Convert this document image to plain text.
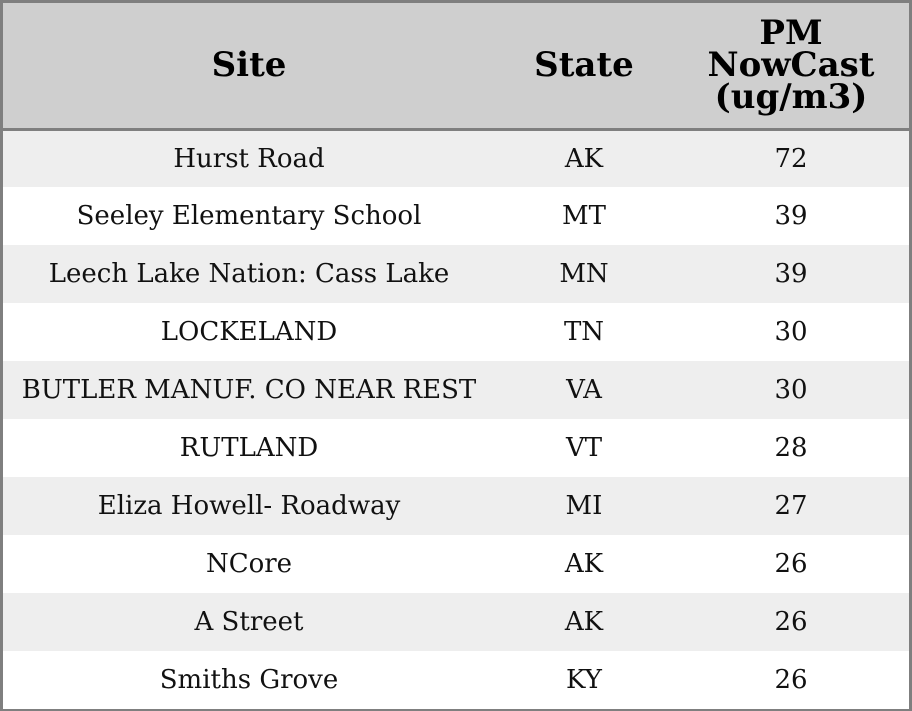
Site	State	PM
NowCast
(ug/m3)

Hurst Road	AK	72
Seeley Elementary School	MT	39
Leech Lake Nation: Cass Lake	MN	39
LOCKELAND	TN	30
BUTLER MANUF. CO NEAR REST	VA	30
RUTLAND	VT	28
Eliza Howell- Roadway	MI	27
NCore	AK	26
A Street	AK	26
Smiths Grove	KY	26
